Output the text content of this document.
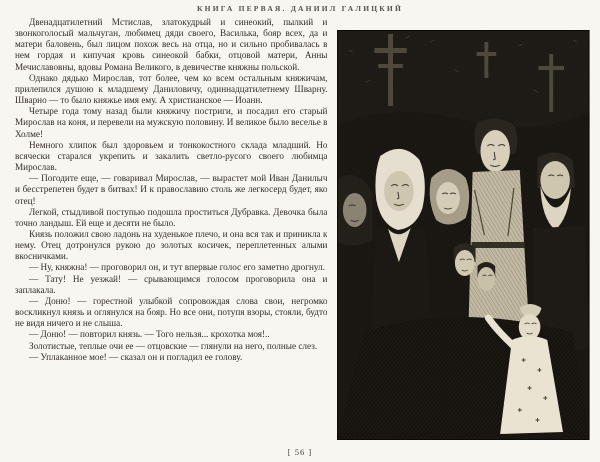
КНИГА ПЕРВАЯ. ДАНИИЛ ГАЛИЦКИЙ

Двенадцатилетний Мстислав, златокудрый и синеокий, пылкий и звонкоголосый мальчуган, любимец дяди своего, Василька, бояр всех, да и матери баловень, был лицом похож весь на отца, но и сильно пробивалась в нем гордая и кипучая кровь синеокой бабки, отцовой матери, Анны Мечиславовны, вдовы Романа Великого, в девичестве княжны польской.

Однако дядько Мирослав, тот более, чем ко всем остальным княжичам, прилепился душою к младшему Даниловичу, одиннадцатилетнему Шварну. Шварно — то было княжье имя ему. А христианское — Иоанн.

Четыре года тому назад были княжичу постриги, и посадил его старый Мирослав на коня, и перевели на мужскую половину. И великое было веселье в Холме!

Немного хлипок был здоровьем и тонкокостного склада младший. Но всячески старался укрепить и закалить светло-русого своего любимца Мирослав.

— Погодите еще, — говаривал Мирослав, — вырастет мой Иван Данилыч и бесстрепетен будет в битвах! И к православию столь же легкосерд будет, яко отец!

Легкой, стыдливой поступью подошла проститься Дубравка. Девочка была точно ландыш. Ей еще и десяти не было.

Князь положил свою ладонь на худенькое плечо, и она вся так и приникла к нему. Отец дотронулся рукою до золотых косичек, переплетенных алыми вкосничками.

— Ну, княжна! — проговорил он, и тут впервые голос его заметно дрогнул.

— Тату! Не уезжай! — срывающимся голосом проговорила она и заплакала.

— Доню! — горестной улыбкой сопровождая слова свои, негромко воскликнул князь и оглянулся на бояр. Но все они, потупя взоры, стояли, будто не видя ничего и не слыша.

— Доню! — повторил князь. — Того нельзя... крохотка моя!..

Золотистые, теплые очи ее — отцовские — глянули на него, полные слез.

— Уплаканное мое! — сказал он и погладил ее голову.

[ 56 ]
